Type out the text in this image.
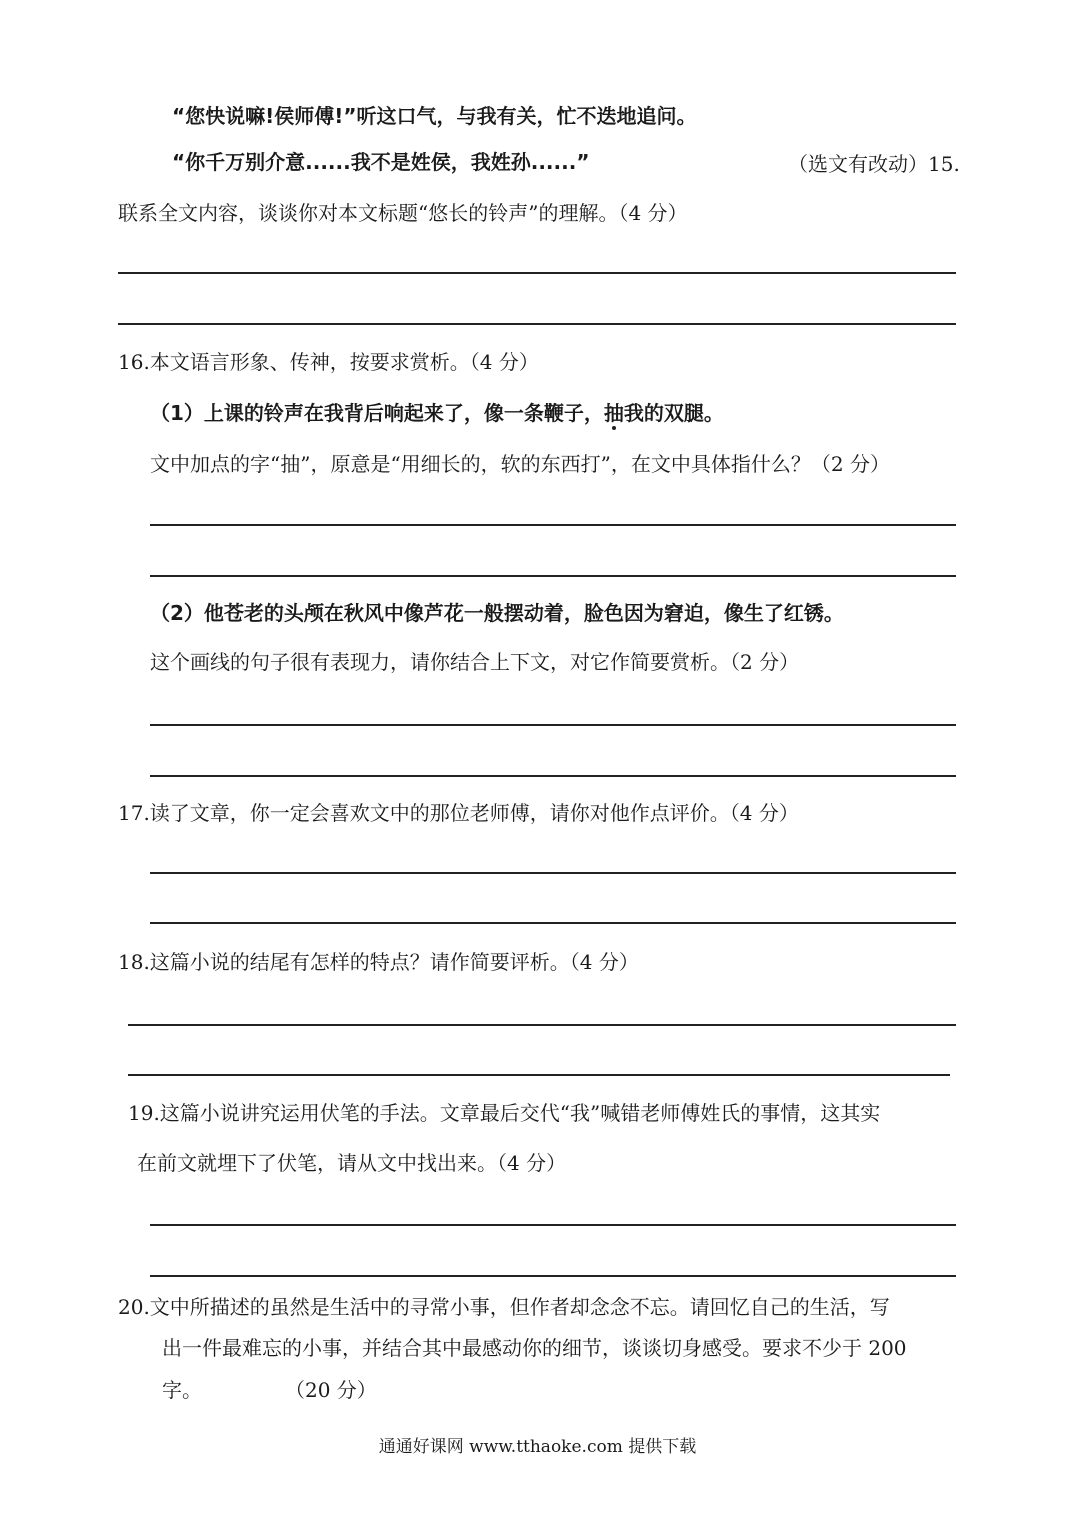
“您快说嘛!侯师傅!”听这口气，与我有关，忙不迭地追问。
“你千万别介意......我不是姓侯，我姓孙......”	（选文有改动）15.
联系全文内容，谈谈你对本文标题“悠长的铃声”的理解。（4 分）
16.本文语言形象、传神，按要求赏析。（4 分）
（1）上课的铃声在我背后响起来了，像一条鞭子，抽我的双腿。
文中加点的字“抽”，原意是“用细长的，软的东西打”，在文中具体指什么？（2 分）
（2）他苍老的头颅在秋风中像芦花一般摆动着，脸色因为窘迫，像生了红锈。
这个画线的句子很有表现力，请你结合上下文，对它作简要赏析。（2 分）
17.读了文章，你一定会喜欢文中的那位老师傅，请你对他作点评价。（4 分）
18.这篇小说的结尾有怎样的特点？请作简要评析。（4 分）
19.这篇小说讲究运用伏笔的手法。文章最后交代“我”喊错老师傅姓氏的事情，这其实
在前文就埋下了伏笔，请从文中找出来。（4 分）
20.文中所描述的虽然是生活中的寻常小事，但作者却念念不忘。请回忆自己的生活，写
出一件最难忘的小事，并结合其中最感动你的细节，谈谈切身感受。要求不少于 200
字。	（20 分）
通通好课网 www.tthaoke.com 提供下载
